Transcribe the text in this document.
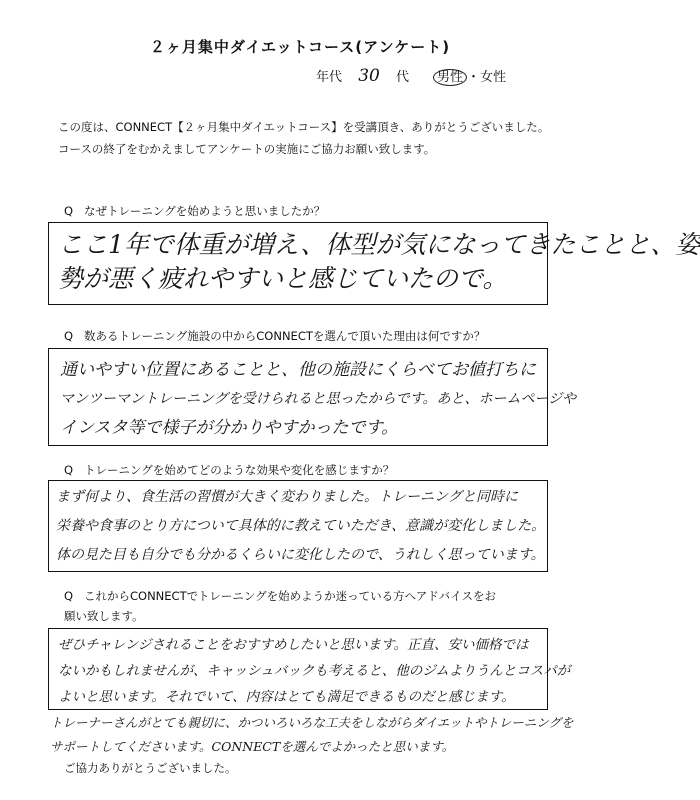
２ヶ月集中ダイエットコース(アンケート)
年代 30 代 男性 ・女性
この度は、CONNECT【２ヶ月集中ダイエットコース】を受講頂き、ありがとうございました。コースの終了をむかえましてアンケートの実施にご協力お願い致します。
Q なぜトレーニングを始めようと思いましたか？
ここ1年で体重が増え、体型が気になってきたことと、姿
勢が悪く疲れやすいと感じていたので。
Q 数あるトレーニング施設の中からCONNECTを選んで頂いた理由は何ですか？
通いやすい位置にあることと、他の施設にくらべてお値打ちに
マンツーマントレーニングを受けられると思ったからです。あと、ホームページや
インスタ等で様子が分かりやすかったです。
Q トレーニングを始めてどのような効果や変化を感じますか？
まず何より、食生活の習慣が大きく変わりました。トレーニングと同時に
栄養や食事のとり方について具体的に教えていただき、意識が変化しました。
体の見た目も自分でも分かるくらいに変化したので、うれしく思っています。
Q これからCONNECTでトレーニングを始めようか迷っている方へアドバイスをお
願い致します。
ぜひチャレンジされることをおすすめしたいと思います。正直、安い価格では
ないかもしれませんが、キャッシュバックも考えると、他のジムよりうんとコスパが
よいと思います。それでいて、内容はとても満足できるものだと感じます。
トレーナーさんがとても親切に、かついろいろな工夫をしながらダイエットやトレーニングを
サポートしてくださいます。CONNECTを選んでよかったと思います。
ご協力ありがとうございました。
